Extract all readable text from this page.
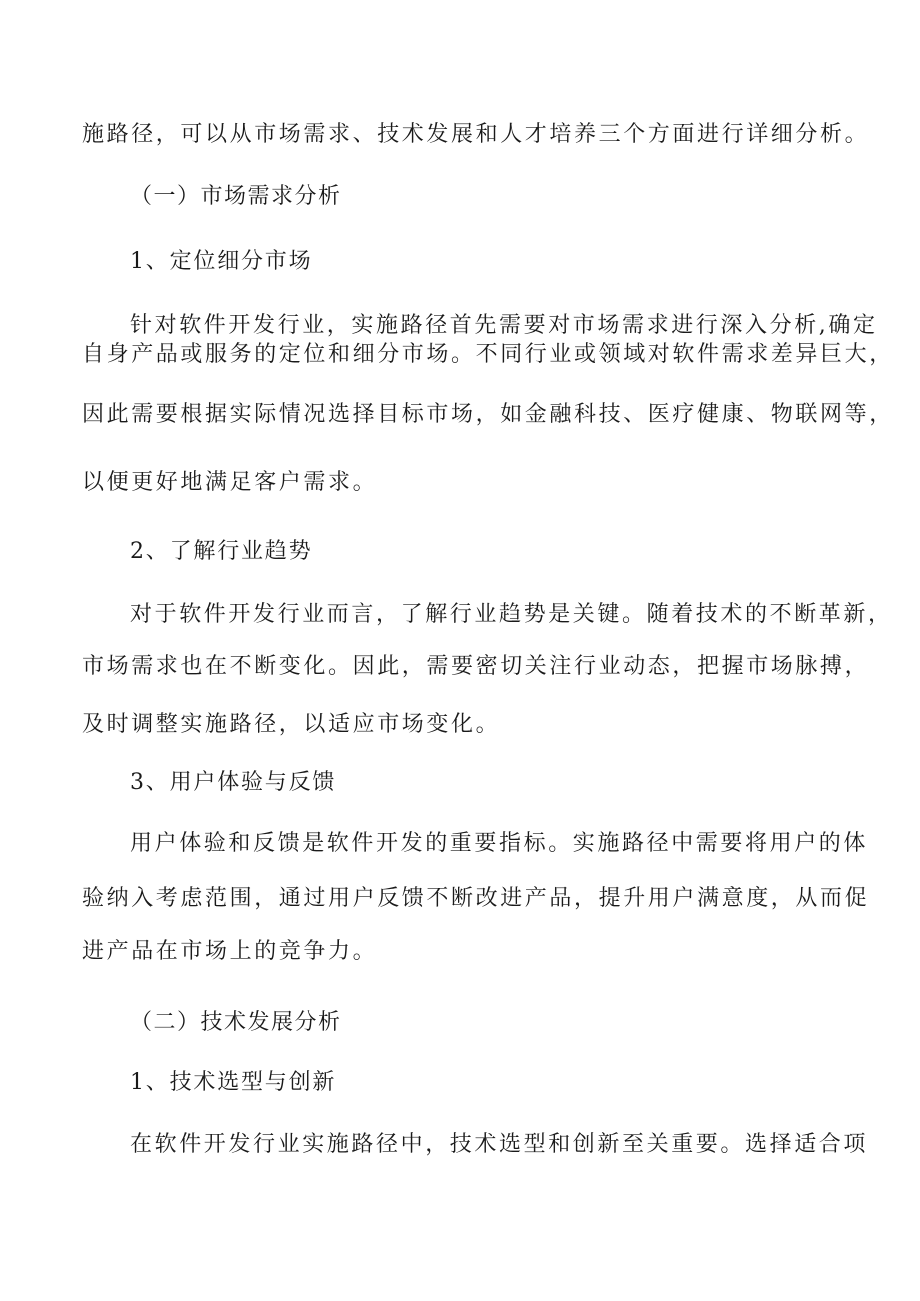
施路径，可以从市场需求、技术发展和人才培养三个方面进行详细分析。
（一）市场需求分析
1、定位细分市场
针对软件开发行业，实施路径首先需要对市场需求进行深入分析,确定
自身产品或服务的定位和细分市场。不同行业或领域对软件需求差异巨大，
因此需要根据实际情况选择目标市场，如金融科技、医疗健康、物联网等，
以便更好地满足客户需求。
2、了解行业趋势
对于软件开发行业而言，了解行业趋势是关键。随着技术的不断革新，
市场需求也在不断变化。因此，需要密切关注行业动态，把握市场脉搏，
及时调整实施路径，以适应市场变化。
3、用户体验与反馈
用户体验和反馈是软件开发的重要指标。实施路径中需要将用户的体
验纳入考虑范围，通过用户反馈不断改进产品，提升用户满意度，从而促
进产品在市场上的竞争力。
（二）技术发展分析
1、技术选型与创新
在软件开发行业实施路径中，技术选型和创新至关重要。选择适合项
